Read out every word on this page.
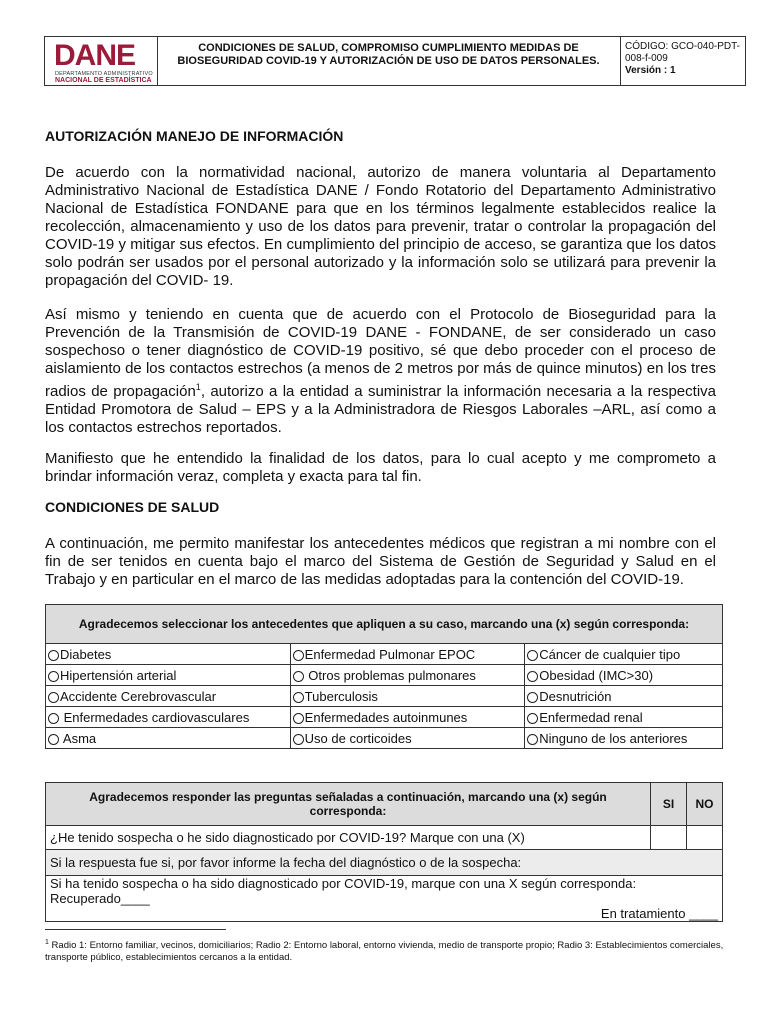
DANE
DEPARTAMENTO ADMINISTRATIVO
NACIONAL DE ESTADÍSTICA
CONDICIONES DE SALUD, COMPROMISO CUMPLIMIENTO MEDIDAS DE BIOSEGURIDAD COVID-19 Y AUTORIZACIÓN DE USO DE DATOS PERSONALES.
CÓDIGO: GCO-040-PDT-008-f-009
Versión : 1
AUTORIZACIÓN MANEJO DE INFORMACIÓN

De acuerdo con la normatividad nacional, autorizo de manera voluntaria al Departamento Administrativo Nacional de Estadística DANE / Fondo Rotatorio del Departamento Administrativo Nacional de Estadística FONDANE para que en los términos legalmente establecidos realice la recolección, almacenamiento y uso de los datos para prevenir, tratar o controlar la propagación del COVID-19 y mitigar sus efectos. En cumplimiento del principio de acceso, se garantiza que los datos solo podrán ser usados por el personal autorizado y la información solo se utilizará para prevenir la propagación del COVID- 19.

Así mismo y teniendo en cuenta que de acuerdo con el Protocolo de Bioseguridad para la Prevención de la Transmisión de COVID-19 DANE - FONDANE, de ser considerado un caso sospechoso o tener diagnóstico de COVID-19 positivo, sé que debo proceder con el proceso de aislamiento de los contactos estrechos (a menos de 2 metros por más de quince minutos) en los tres radios de propagación$^1$, autorizo a la entidad a suministrar la información necesaria a la respectiva Entidad Promotora de Salud – EPS y a la Administradora de Riesgos Laborales –ARL, así como a los contactos estrechos reportados.

Manifiesto que he entendido la finalidad de los datos, para lo cual acepto y me comprometo a brindar información veraz, completa y exacta para tal fin.

CONDICIONES DE SALUD

A continuación, me permito manifestar los antecedentes médicos que registran a mi nombre con el fin de ser tenidos en cuenta bajo el marco del Sistema de Gestión de Seguridad y Salud en el Trabajo y en particular en el marco de las medidas adoptadas para la contención del COVID-19.

Agradecemos seleccionar los antecedentes que apliquen a su caso, marcando una (x) según corresponda:		
Diabetes	Enfermedad Pulmonar EPOC	Cáncer de cualquier tipo
Hipertensión arterial	Otros problemas pulmonares	Obesidad (IMC>30)
Accidente Cerebrovascular	Tuberculosis	Desnutrición
Enfermedades cardiovasculares	Enfermedades autoinmunes	Enfermedad renal
Asma	Uso de corticoides	Ninguno de los anteriores
Agradecemos responder las preguntas señaladas a continuación, marcando una (x) según corresponda:	SI	NO
¿He tenido sospecha o he sido diagnosticado por COVID-19? Marque con una (X)		
Si la respuesta fue si, por favor informe la fecha del diagnóstico o de la sospecha:		

Si ha tenido sospecha o ha sido diagnosticado por COVID-19, marque con una X según corresponda: Recuperado____
En tratamiento ____		
$^1$ Radio 1: Entorno familiar, vecinos, domiciliarios; Radio 2: Entorno laboral, entorno vivienda, medio de transporte propio; Radio 3: Establecimientos comerciales, transporte público, establecimientos cercanos a la entidad.
